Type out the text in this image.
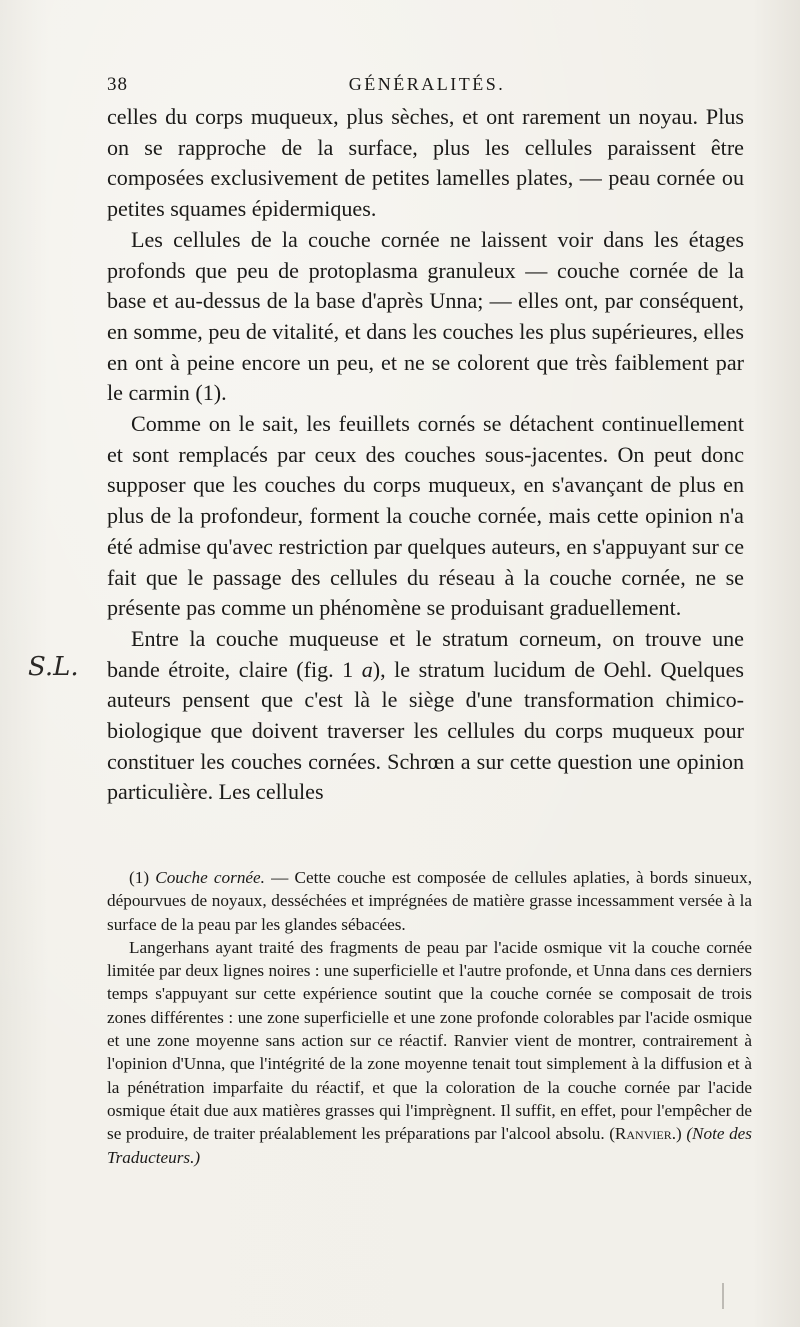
38	GÉNÉRALITÉS.
S.L.

celles du corps muqueux, plus sèches, et ont rarement un noyau. Plus on se rapproche de la surface, plus les cellules paraissent être composées exclusivement de petites lamelles plates, — peau cornée ou petites squames épidermiques.

Les cellules de la couche cornée ne laissent voir dans les étages profonds que peu de protoplasma granuleux — couche cornée de la base et au-dessus de la base d'après Unna; — elles ont, par conséquent, en somme, peu de vitalité, et dans les couches les plus supérieures, elles en ont à peine encore un peu, et ne se colorent que très faiblement par le carmin (1).

Comme on le sait, les feuillets cornés se détachent continuellement et sont remplacés par ceux des couches sous-jacentes. On peut donc supposer que les couches du corps muqueux, en s'avançant de plus en plus de la profondeur, forment la couche cornée, mais cette opinion n'a été admise qu'avec restriction par quelques auteurs, en s'appuyant sur ce fait que le passage des cellules du réseau à la couche cornée, ne se présente pas comme un phénomène se produisant graduellement.

Entre la couche muqueuse et le stratum corneum, on trouve une bande étroite, claire (fig. 1 a), le stratum lucidum de Oehl. Quelques auteurs pensent que c'est là le siège d'une transformation chimico-biologique que doivent traverser les cellules du corps muqueux pour constituer les couches cornées. Schrœn a sur cette question une opinion particulière. Les cellules

(1) Couche cornée. — Cette couche est composée de cellules aplaties, à bords sinueux, dépourvues de noyaux, desséchées et imprégnées de matière grasse incessamment versée à la surface de la peau par les glandes sébacées.

Langerhans ayant traité des fragments de peau par l'acide osmique vit la couche cornée limitée par deux lignes noires : une superficielle et l'autre profonde, et Unna dans ces derniers temps s'appuyant sur cette expérience soutint que la couche cornée se composait de trois zones différentes : une zone superficielle et une zone profonde colorables par l'acide osmique et une zone moyenne sans action sur ce réactif. Ranvier vient de montrer, contrairement à l'opinion d'Unna, que l'intégrité de la zone moyenne tenait tout simplement à la diffusion et à la pénétration imparfaite du réactif, et que la coloration de la couche cornée par l'acide osmique était due aux matières grasses qui l'imprègnent. Il suffit, en effet, pour l'empêcher de se produire, de traiter préalablement les préparations par l'alcool absolu. (Ranvier.) (Note des Traducteurs.)
